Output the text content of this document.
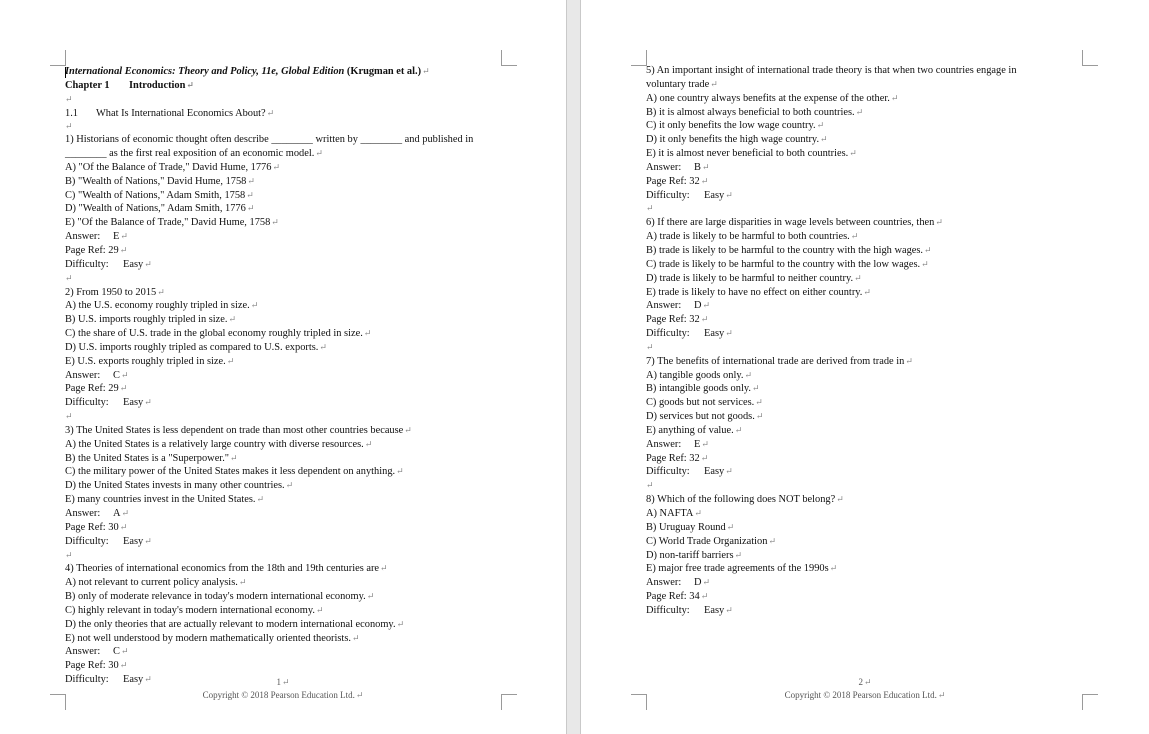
International Economics: Theory and Policy, 11e, Global Edition (Krugman et al.)↵
Chapter 1 Introduction↵
↵
1.1 What Is International Economics About?↵
↵
1) Historians of economic thought often describe ________ written by ________ and published in ________ as the first real exposition of an economic model.↵
A) "Of the Balance of Trade," David Hume, 1776↵
B) "Wealth of Nations," David Hume, 1758↵
C) "Wealth of Nations," Adam Smith, 1758↵
D) "Wealth of Nations," Adam Smith, 1776↵
E) "Of the Balance of Trade," David Hume, 1758↵
Answer: E↵
Page Ref: 29↵
Difficulty: Easy↵
↵
2) From 1950 to 2015↵
A) the U.S. economy roughly tripled in size.↵
B) U.S. imports roughly tripled in size.↵
C) the share of U.S. trade in the global economy roughly tripled in size.↵
D) U.S. imports roughly tripled as compared to U.S. exports.↵
E) U.S. exports roughly tripled in size.↵
Answer: C↵
Page Ref: 29↵
Difficulty: Easy↵
↵
3) The United States is less dependent on trade than most other countries because↵
A) the United States is a relatively large country with diverse resources.↵
B) the United States is a "Superpower."↵
C) the military power of the United States makes it less dependent on anything.↵
D) the United States invests in many other countries.↵
E) many countries invest in the United States.↵
Answer: A↵
Page Ref: 30↵
Difficulty: Easy↵
↵
4) Theories of international economics from the 18th and 19th centuries are↵
A) not relevant to current policy analysis.↵
B) only of moderate relevance in today's modern international economy.↵
C) highly relevant in today's modern international economy.↵
D) the only theories that are actually relevant to modern international economy.↵
E) not well understood by modern mathematically oriented theorists.↵
Answer: C↵
Page Ref: 30↵
Difficulty: Easy↵	1↵
Copyright © 2018 Pearson Education Ltd.↵
5) An important insight of international trade theory is that when two countries engage in voluntary trade↵
A) one country always benefits at the expense of the other.↵
B) it is almost always beneficial to both countries.↵
C) it only benefits the low wage country.↵
D) it only benefits the high wage country.↵
E) it is almost never beneficial to both countries.↵
Answer: B↵
Page Ref: 32↵
Difficulty: Easy↵
↵
6) If there are large disparities in wage levels between countries, then↵
A) trade is likely to be harmful to both countries.↵
B) trade is likely to be harmful to the country with the high wages.↵
C) trade is likely to be harmful to the country with the low wages.↵
D) trade is likely to be harmful to neither country.↵
E) trade is likely to have no effect on either country.↵
Answer: D↵
Page Ref: 32↵
Difficulty: Easy↵
↵
7) The benefits of international trade are derived from trade in↵
A) tangible goods only.↵
B) intangible goods only.↵
C) goods but not services.↵
D) services but not goods.↵
E) anything of value.↵
Answer: E↵
Page Ref: 32↵
Difficulty: Easy↵
↵
8) Which of the following does NOT belong?↵
A) NAFTA↵
B) Uruguay Round↵
C) World Trade Organization↵
D) non-tariff barriers↵
E) major free trade agreements of the 1990s↵
Answer: D↵
Page Ref: 34↵
Difficulty: Easy↵
2↵
Copyright © 2018 Pearson Education Ltd.↵
